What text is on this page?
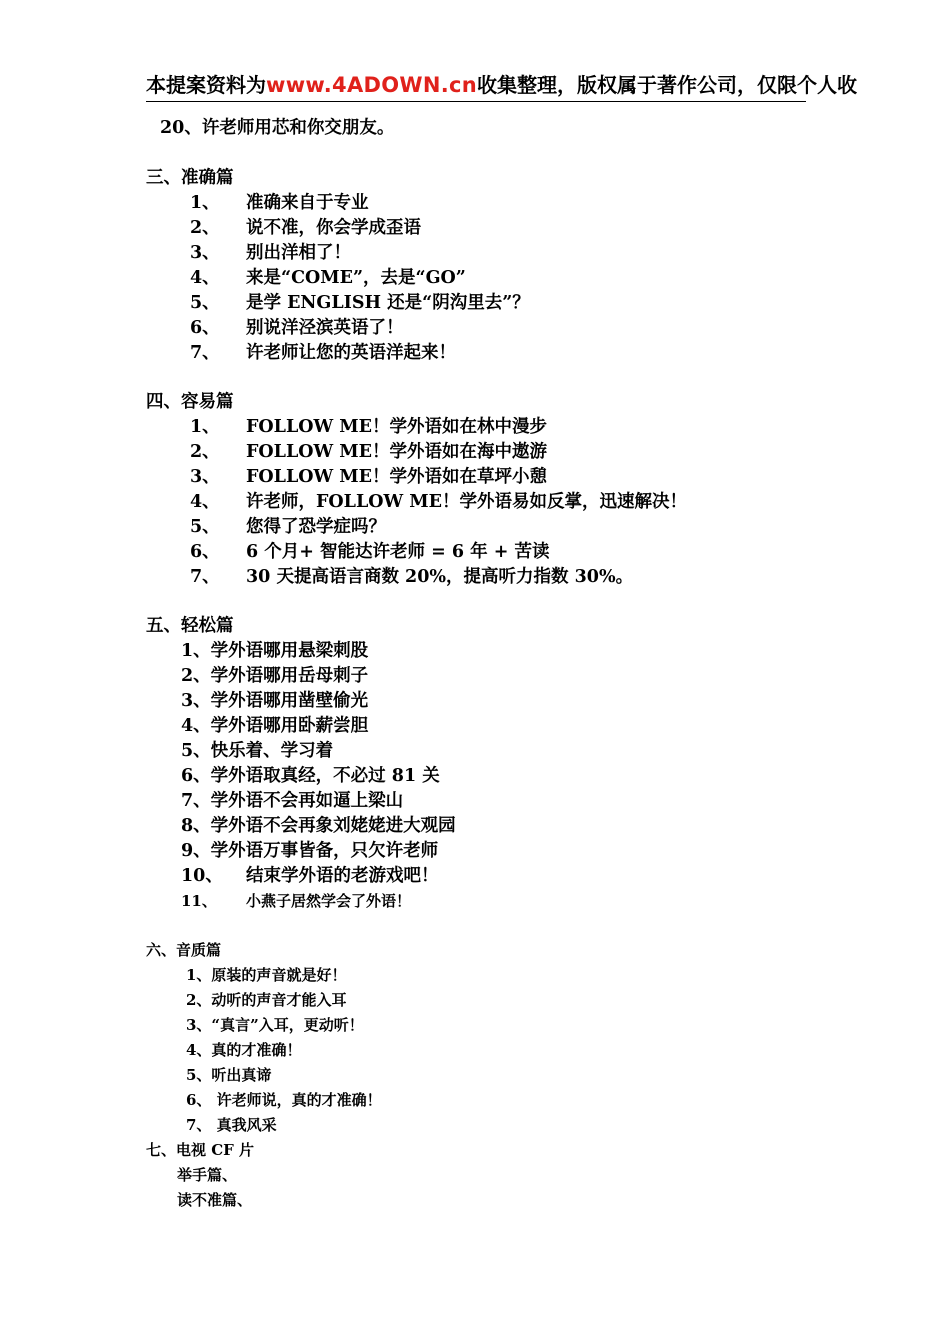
本提案资料为www.4ADOWN.cn收集整理，版权属于著作公司，仅限个人收
20、许老师用芯和你交朋友。
三、准确篇
1、 准确来自于专业
2、 说不准，你会学成歪语
3、 别出洋相了！
4、 来是“COME”，去是“GO”
5、 是学 ENGLISH 还是“阴沟里去”？
6、 别说洋泾滨英语了！
7、 许老师让您的英语洋起来！
四、容易篇
1、 FOLLOW ME！学外语如在林中漫步
2、 FOLLOW ME！学外语如在海中遨游
3、 FOLLOW ME！学外语如在草坪小憩
4、 许老师，FOLLOW ME！学外语易如反掌，迅速解决！
5、 您得了恐学症吗？
6、 6 个月+ 智能达许老师 = 6 年 + 苦读
7、 30 天提高语言商数 20%，提高听力指数 30%。
五、轻松篇
1、学外语哪用悬梁刺股
2、学外语哪用岳母刺子
3、学外语哪用凿壁偷光
4、学外语哪用卧薪尝胆
5、快乐着、学习着
6、学外语取真经，不必过 81 关
7、学外语不会再如逼上梁山
8、学外语不会再象刘姥姥进大观园
9、学外语万事皆备，只欠许老师
10、 结束学外语的老游戏吧！
11、 小燕子居然学会了外语！
六、音质篇
1、原装的声音就是好！
2、动听的声音才能入耳
3、“真言”入耳，更动听！
4、真的才准确！
5、听出真谛
6、 许老师说，真的才准确！
7、 真我风采
七、电视 CF 片
举手篇、
读不准篇、
